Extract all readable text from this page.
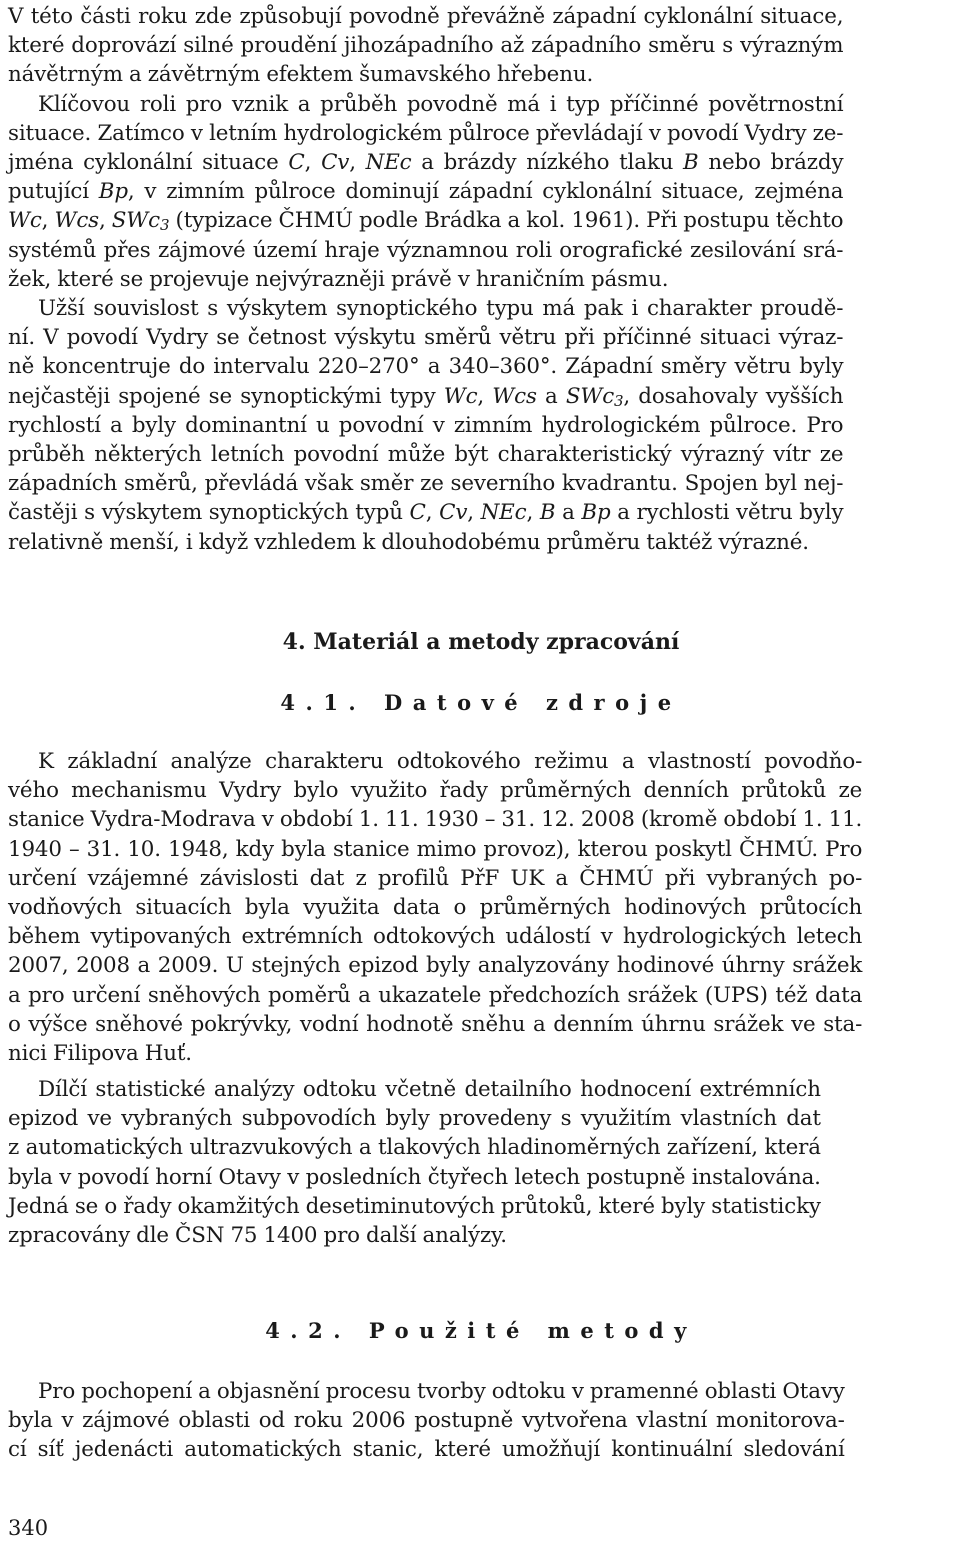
V této části roku zde způsobují povodně převážně západní cyklonální situace,

které doprovází silné proudění jihozápadního až západního směru s výrazným

návětrným a závětrným efektem šumavského hřebenu.

Klíčovou roli pro vznik a průběh povodně má i typ příčinné povětrnostní

situace. Zatímco v letním hydrologickém půlroce převládají v povodí Vydry ze-

jména cyklonální situace C, Cv, NEc a brázdy nízkého tlaku B nebo brázdy

putující Bp, v zimním půlroce dominují západní cyklonální situace, zejména

Wc, Wcs, SWc$_3$ (typizace ČHMÚ podle Brádka a kol. 1961). Při postupu těchto

systémů přes zájmové území hraje významnou roli orografické zesilování srá-

žek, které se projevuje nejvýrazněji právě v hraničním pásmu.

Užší souvislost s výskytem synoptického typu má pak i charakter proudě-

ní. V povodí Vydry se četnost výskytu směrů větru při příčinné situaci výraz-

ně koncentruje do intervalu 220–270° a 340–360°. Západní směry větru byly

nejčastěji spojené se synoptickými typy Wc, Wcs a SWc$_3$, dosahovaly vyšších

rychlostí a byly dominantní u povodní v zimním hydrologickém půlroce. Pro

průběh některých letních povodní může být charakteristický výrazný vítr ze

západních směrů, převládá však směr ze severního kvadrantu. Spojen byl nej-

častěji s výskytem synoptických typů C, Cv, NEc, B a Bp a rychlosti větru byly

relativně menší, i když vzhledem k dlouhodobému průměru taktéž výrazné.

4. Materiál a metody zpracování
4.1. Datové zdroje

K základní analýze charakteru odtokového režimu a vlastností povodňo-

vého mechanismu Vydry bylo využito řady průměrných denních průtoků ze

stanice Vydra-Modrava v období 1. 11. 1930 – 31. 12. 2008 (kromě období 1. 11.

1940 – 31. 10. 1948, kdy byla stanice mimo provoz), kterou poskytl ČHMÚ. Pro

určení vzájemné závislosti dat z profilů PřF UK a ČHMÚ při vybraných po-

vodňových situacích byla využita data o průměrných hodinových průtocích

během vytipovaných extrémních odtokových událostí v hydrologických letech

2007, 2008 a 2009. U stejných epizod byly analyzovány hodinové úhrny srážek

a pro určení sněhových poměrů a ukazatele předchozích srážek (UPS) též data

o výšce sněhové pokrývky, vodní hodnotě sněhu a denním úhrnu srážek ve sta-

nici Filipova Huť.

Dílčí statistické analýzy odtoku včetně detailního hodnocení extrémních

epizod ve vybraných subpovodích byly provedeny s využitím vlastních dat

z automatických ultrazvukových a tlakových hladinoměrných zařízení, která

byla v povodí horní Otavy v posledních čtyřech letech postupně instalována.

Jedná se o řady okamžitých desetiminutových průtoků, které byly statisticky

zpracovány dle ČSN 75 1400 pro další analýzy.

4.2. Použité metody

Pro pochopení a objasnění procesu tvorby odtoku v pramenné oblasti Otavy

byla v zájmové oblasti od roku 2006 postupně vytvořena vlastní monitorova-

cí síť jedenácti automatických stanic, které umožňují kontinuální sledování

340
